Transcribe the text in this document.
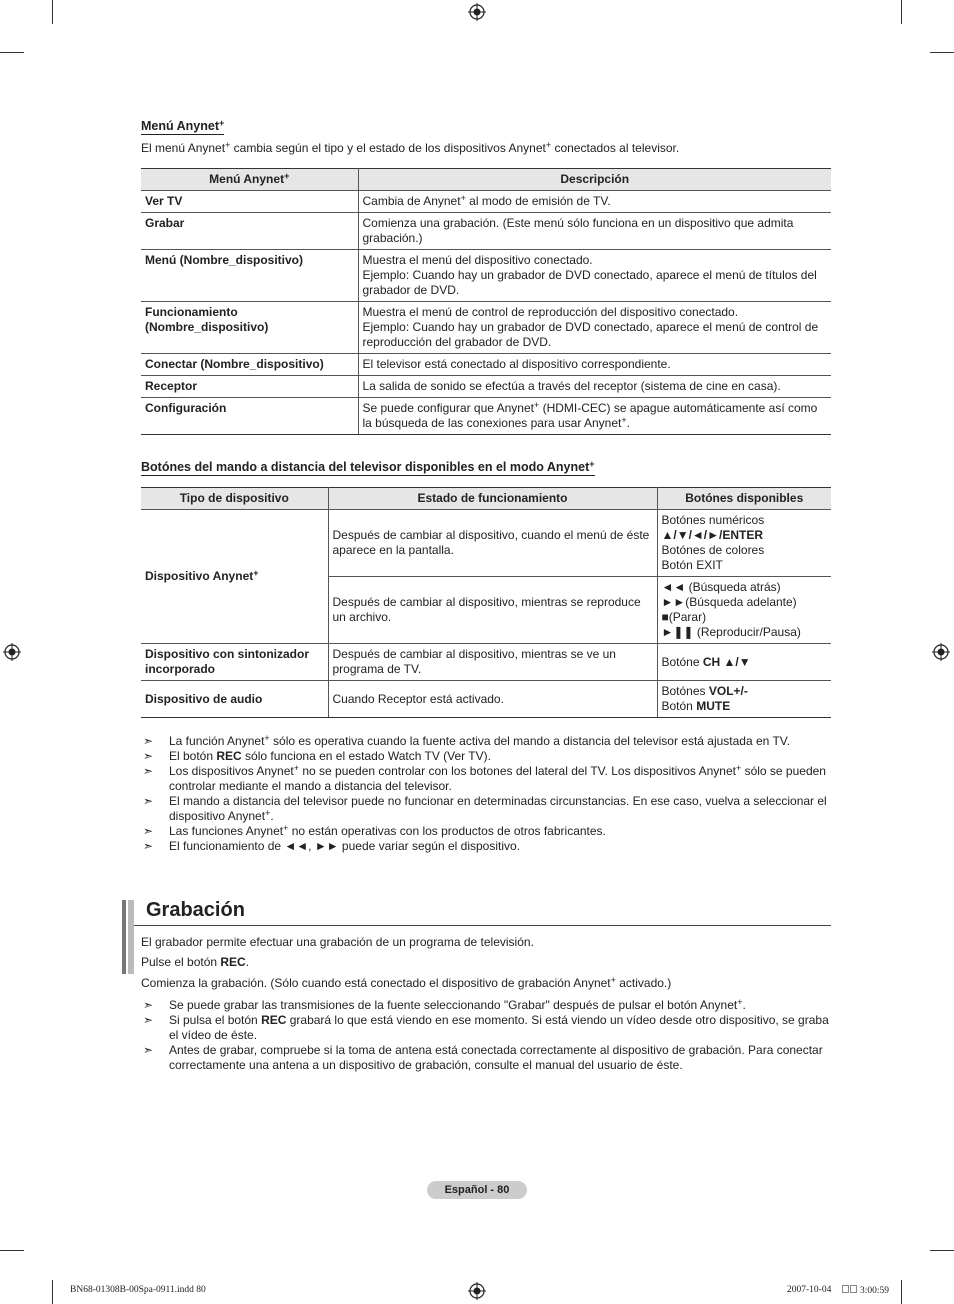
Menú Anynet+

El menú Anynet+ cambia según el tipo y el estado de los dispositivos Anynet+ conectados al televisor.

Menú Anynet+	Descripción
Ver TV	Cambia de Anynet+ al modo de emisión de TV.
Grabar	Comienza una grabación. (Este menú sólo funciona en un dispositivo que admita grabación.)
Menú (Nombre_dispositivo)	Muestra el menú del dispositivo conectado.
Ejemplo: Cuando hay un grabador de DVD conectado, aparece el menú de títulos del grabador de DVD.
Funcionamiento
(Nombre_dispositivo)	Muestra el menú de control de reproducción del dispositivo conectado.
Ejemplo: Cuando hay un grabador de DVD conectado, aparece el menú de control de reproducción del grabador de DVD.
Conectar (Nombre_dispositivo)	El televisor está conectado al dispositivo correspondiente.
Receptor	La salida de sonido se efectúa a través del receptor (sistema de cine en casa).
Configuración	Se puede configurar que Anynet+ (HDMI-CEC) se apague automáticamente así como la búsqueda de las conexiones para usar Anynet+.
Botónes del mando a distancia del televisor disponibles en el modo Anynet+
Tipo de dispositivo	Estado de funcionamiento	Botónes disponibles
Dispositivo Anynet+	Después de cambiar al dispositivo, cuando el menú de éste aparece en la pantalla.	Botónes numéricos
▲/▼/◄/►/ENTER
Botónes de colores
Botón EXIT
	Después de cambiar al dispositivo, mientras se reproduce un archivo.	◄◄ (Búsqueda atrás)
►►(Búsqueda adelante)
■(Parar)
►❚❚ (Reproducir/Pausa)
Dispositivo con sintonizador incorporado	Después de cambiar al dispositivo, mientras se ve un programa de TV.	Botóne CH ▲/▼
Dispositivo de audio	Cuando Receptor está activado.	Botónes VOL+/-
Botón MUTE
➣ La función Anynet+ sólo es operativa cuando la fuente activa del mando a distancia del televisor está ajustada en TV.
➣ El botón REC sólo funciona en el estado Watch TV (Ver TV).
➣ Los dispositivos Anynet+ no se pueden controlar con los botones del lateral del TV. Los dispositivos Anynet+ sólo se pueden controlar mediante el mando a distancia del televisor.
➣ El mando a distancia del televisor puede no funcionar en determinadas circunstancias. En ese caso, vuelva a seleccionar el dispositivo Anynet+.
➣ Las funciones Anynet+ no están operativas con los productos de otros fabricantes.
➣ El funcionamiento de ◄◄, ►► puede variar según el dispositivo.
Grabación

El grabador permite efectuar una grabación de un programa de televisión.

Pulse el botón REC.

Comienza la grabación. (Sólo cuando está conectado el dispositivo de grabación Anynet+ activado.)

➣ Se puede grabar las transmisiones de la fuente seleccionando "Grabar" después de pulsar el botón Anynet+.
➣ Si pulsa el botón REC grabará lo que está viendo en ese momento. Si está viendo un vídeo desde otro dispositivo, se graba el vídeo de éste.
➣ Antes de grabar, compruebe si la toma de antena está conectada correctamente al dispositivo de grabación. Para conectar correctamente una antena a un dispositivo de grabación, consulte el manual del usuario de éste.
Español - 80
BN68-01308B-00Spa-0911.indd 80	2007-10-04	3:00:59
